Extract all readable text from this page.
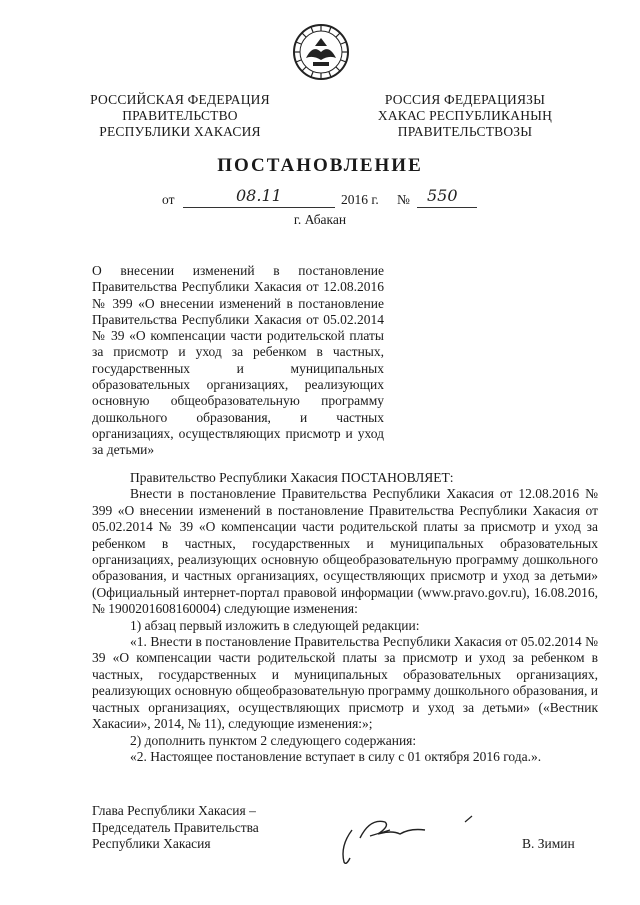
РОССИЙСКАЯ ФЕДЕРАЦИЯ
ПРАВИТЕЛЬСТВО
РЕСПУБЛИКИ ХАКАСИЯ
РОССИЯ ФЕДЕРАЦИЯЗЫ
ХАКАС РЕСПУБЛИКАНЫҢ
ПРАВИТЕЛЬСТВОЗЫ
ПОСТАНОВЛЕНИЕ
от	08.11	2016 г. № 550
г. Абакан

О внесении изменений в постановление Правительства Республики Хакасия от 12.08.2016 № 399 «О внесении изменений в постановление Правительства Республики Хакасия от 05.02.2014 № 39 «О компенсации части родительской платы за присмотр и уход за ребенком в частных, государственных и муниципальных образовательных организациях, реализующих основную общеобразовательную программу дошкольного образования, и частных организациях, осуществляющих присмотр и уход за детьми»

Правительство Республики Хакасия ПОСТАНОВЛЯЕТ:

Внести в постановление Правительства Республики Хакасия от 12.08.2016 № 399 «О внесении изменений в постановление Правительства Республики Хакасия от 05.02.2014 № 39 «О компенсации части родительской платы за присмотр и уход за ребенком в частных, государственных и муниципальных образовательных организациях, реализующих основную общеобразовательную программу дошкольного образования, и частных организациях, осуществляющих присмотр и уход за детьми» (Официальный интернет-портал правовой информации (www.pravo.gov.ru), 16.08.2016, № 1900201608160004) следующие изменения:

1) абзац первый изложить в следующей редакции:

«1. Внести в постановление Правительства Республики Хакасия от 05.02.2014 № 39 «О компенсации части родительской платы за присмотр и уход за ребенком в частных, государственных и муниципальных образовательных организациях, реализующих основную общеобразовательную программу дошкольного образования, и частных организациях, осуществляющих присмотр и уход за детьми» («Вестник Хакасии», 2014, № 11), следующие изменения:»;

2) дополнить пунктом 2 следующего содержания:

«2. Настоящее постановление вступает в силу с 01 октября 2016 года.».

Глава Республики Хакасия –
Председатель Правительства
Республики Хакасия	В. Зимин
